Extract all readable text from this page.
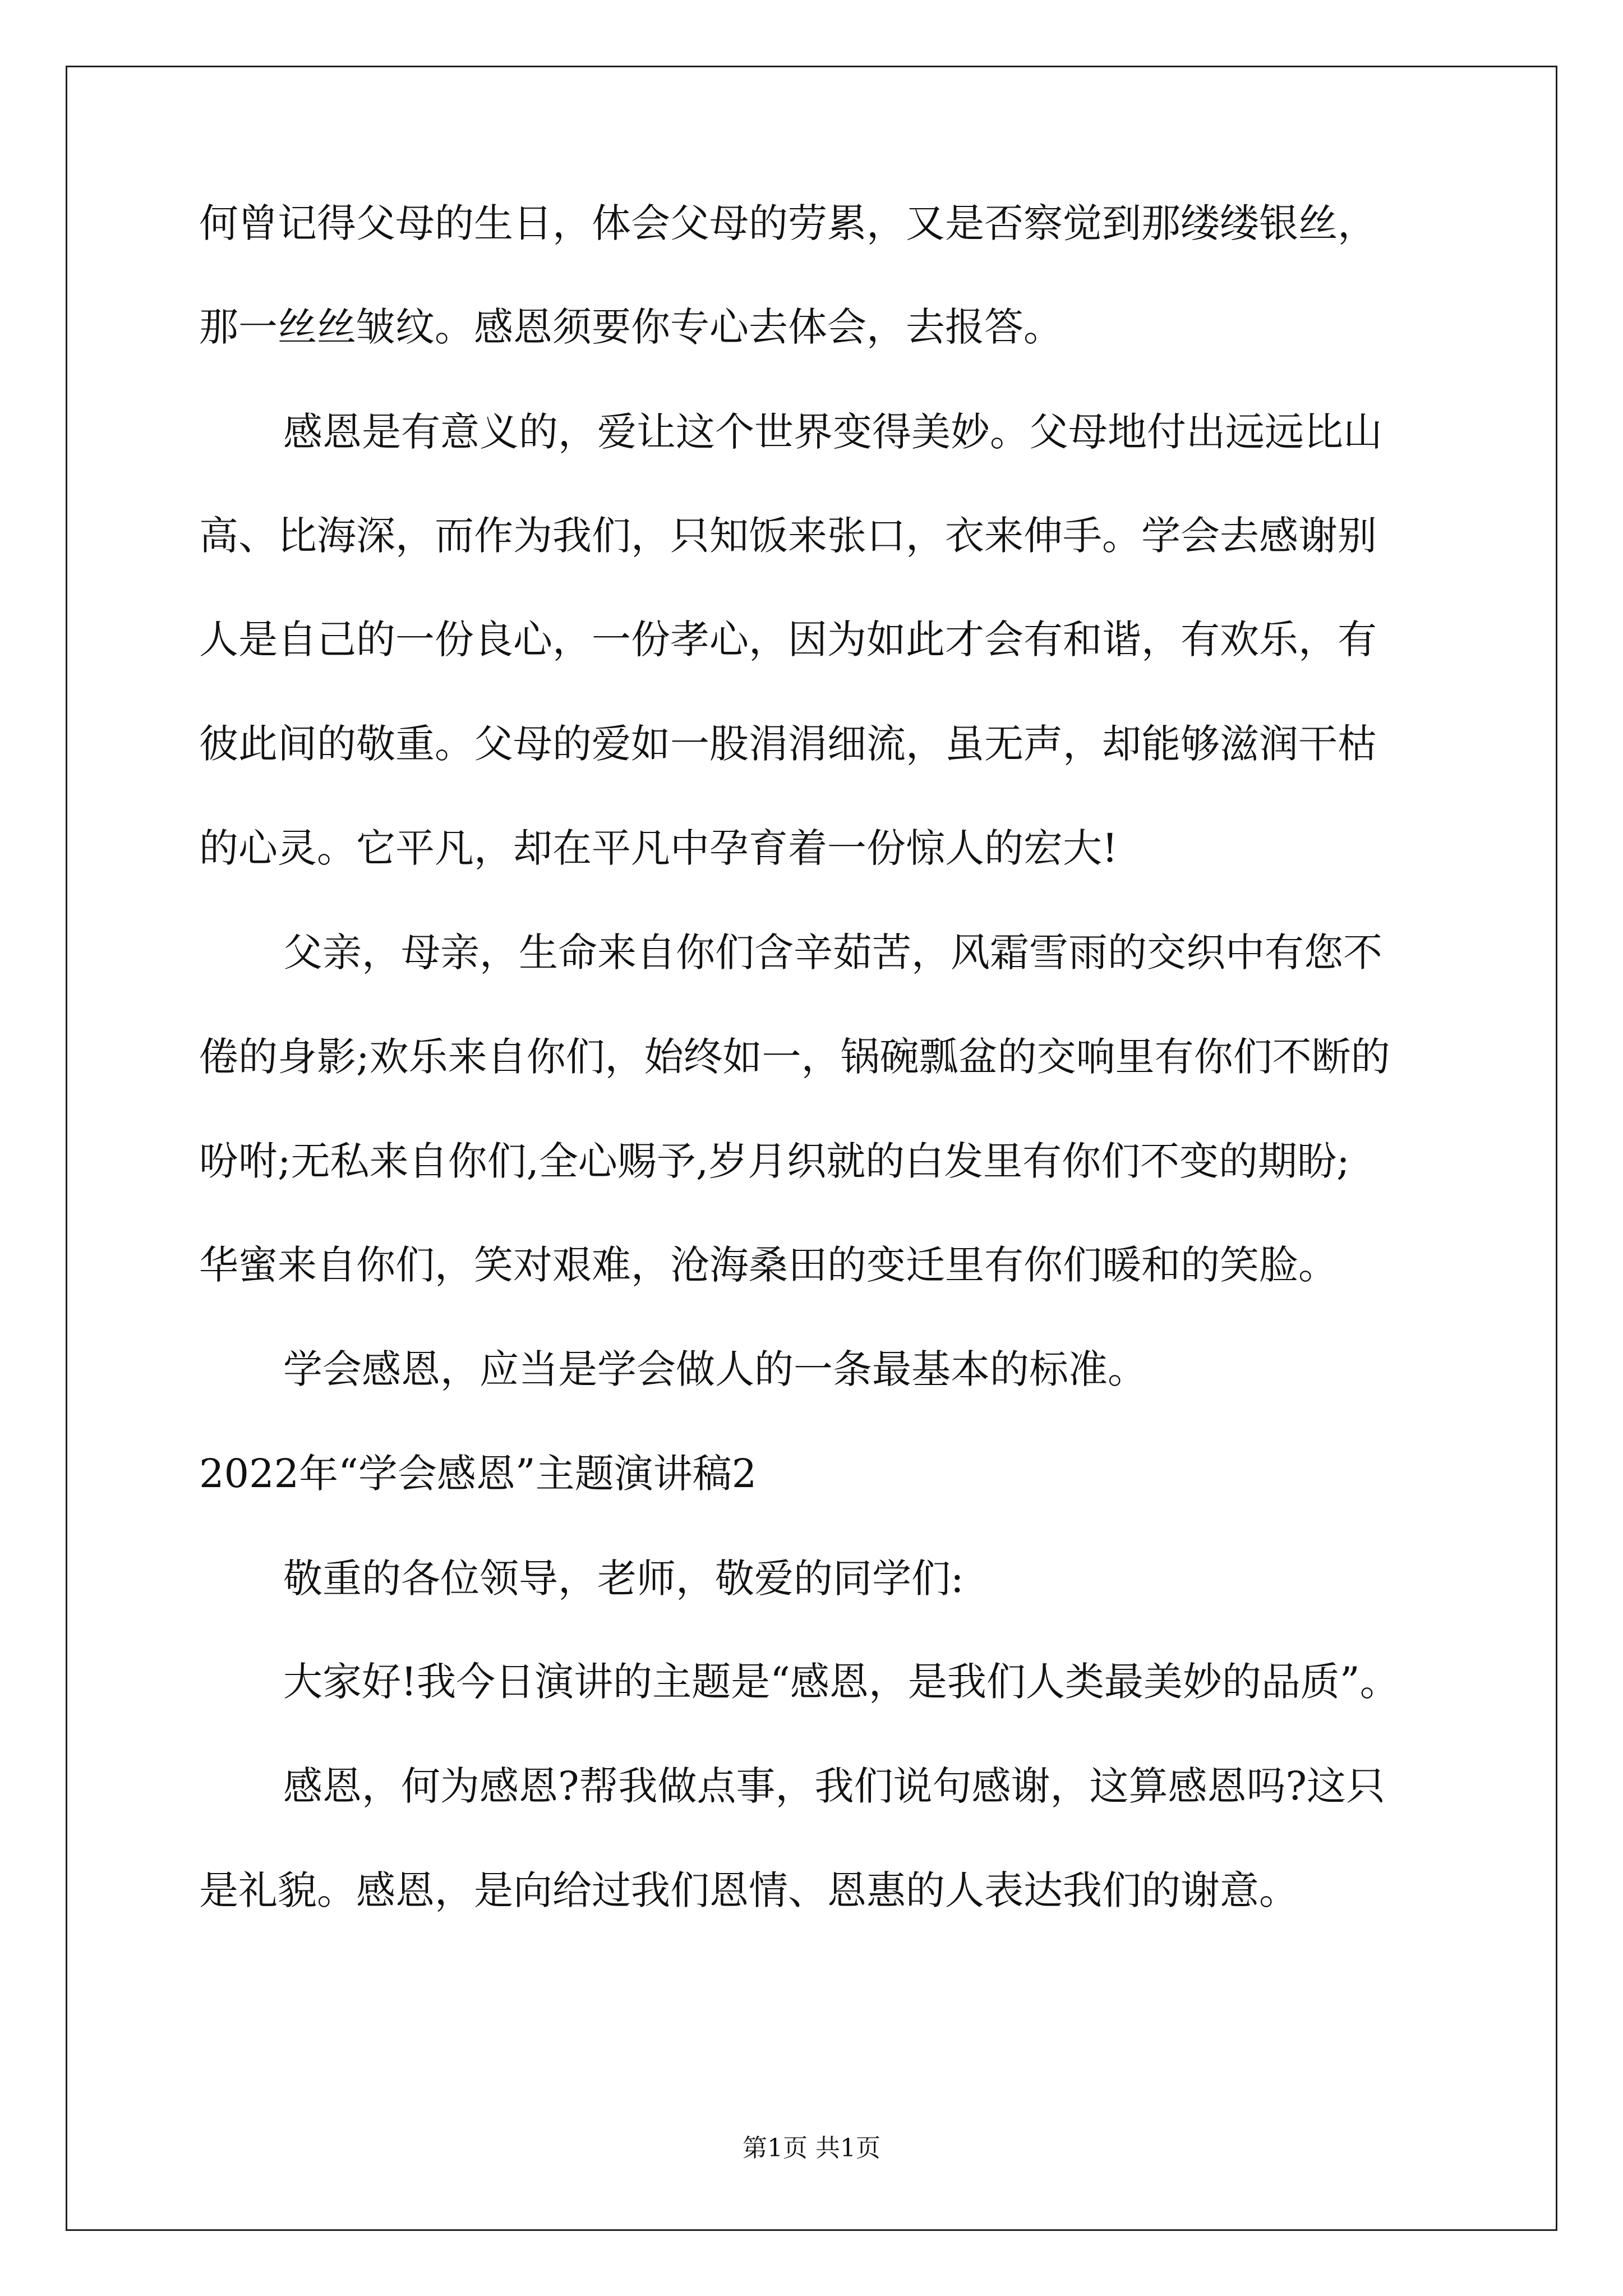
何曾记得父母的生日，体会父母的劳累，又是否察觉到那缕缕银丝，
那一丝丝皱纹。感恩须要你专心去体会，去报答。
感恩是有意义的，爱让这个世界变得美妙。父母地付出远远比山
高、比海深，而作为我们，只知饭来张口，衣来伸手。学会去感谢别
人是自己的一份良心，一份孝心，因为如此才会有和谐，有欢乐，有
彼此间的敬重。父母的爱如一股涓涓细流，虽无声，却能够滋润干枯
的心灵。它平凡，却在平凡中孕育着一份惊人的宏大!
父亲，母亲，生命来自你们含辛茹苦，风霜雪雨的交织中有您不
倦的身影;欢乐来自你们，始终如一，锅碗瓢盆的交响里有你们不断的
吩咐;无私来自你们,全心赐予,岁月织就的白发里有你们不变的期盼;
华蜜来自你们，笑对艰难，沧海桑田的变迁里有你们暖和的笑脸。
学会感恩，应当是学会做人的一条最基本的标准。
2022年“学会感恩”主题演讲稿2
敬重的各位领导，老师，敬爱的同学们:
大家好!我今日演讲的主题是“感恩，是我们人类最美妙的品质”。
感恩，何为感恩?帮我做点事，我们说句感谢，这算感恩吗?这只
是礼貌。感恩，是向给过我们恩情、恩惠的人表达我们的谢意。
第1页 共1页
